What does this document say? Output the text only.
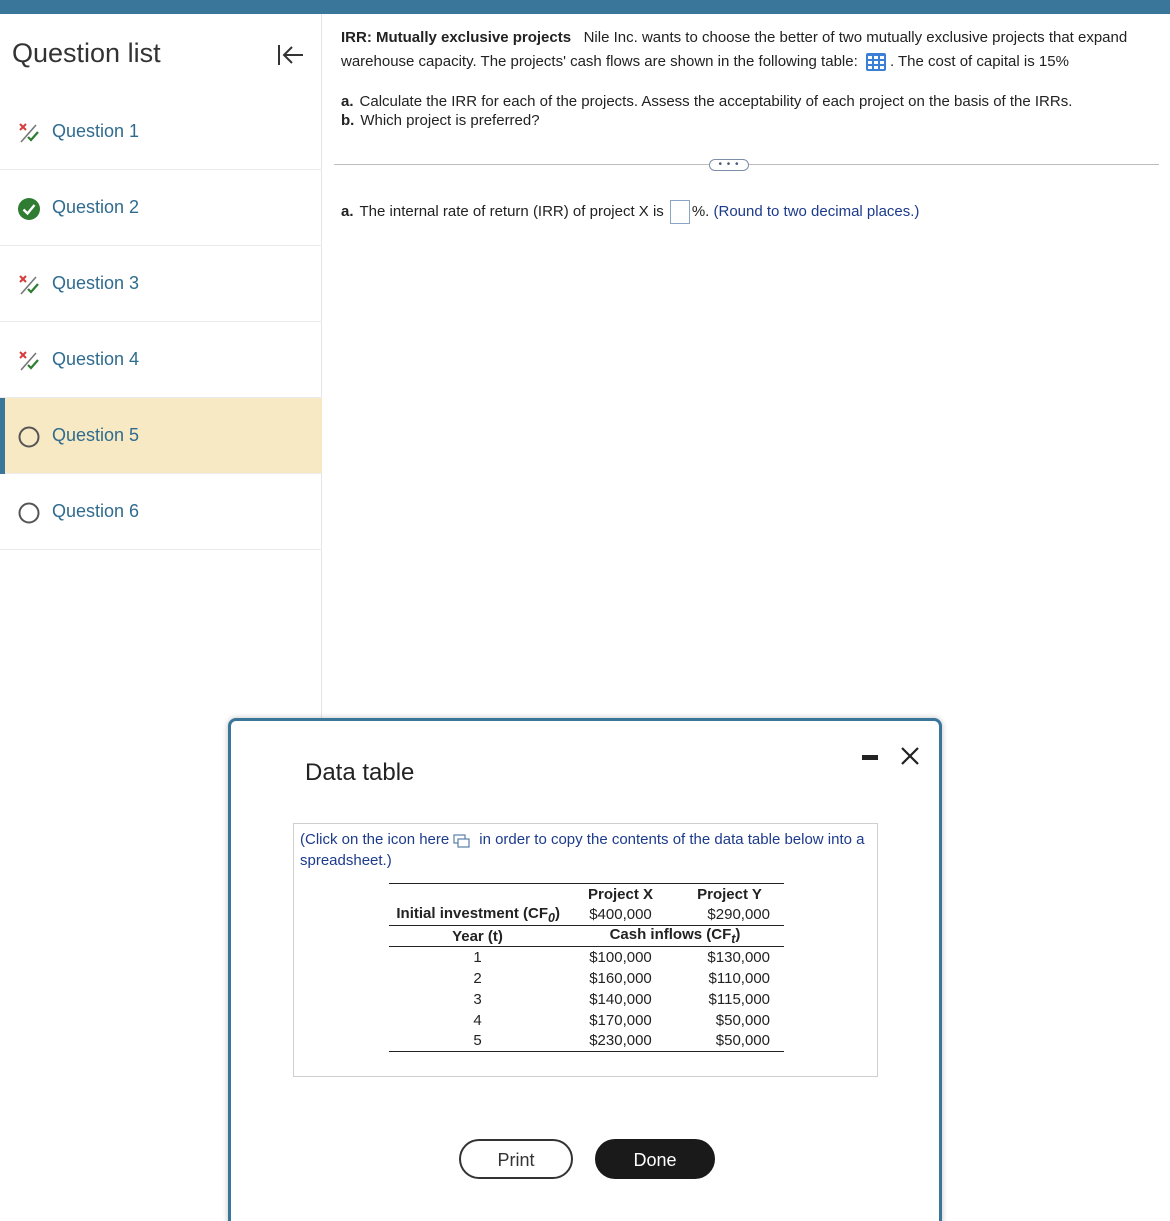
Question list
Question 1
Question 2
Question 3
Question 4
Question 5
Question 6
IRR: Mutually exclusive projects Nile Inc. wants to choose the better of two mutually exclusive projects that expand warehouse capacity. The projects' cash flows are shown in the following table: . The cost of capital is 15%
a. Calculate the IRR for each of the projects. Assess the acceptability of each project on the basis of the IRRs.
b. Which project is preferred?
• • •
a. The internal rate of return (IRR) of project X is %. (Round to two decimal places.)
Data table
(Click on the icon here in order to copy the contents of the data table below into a spreadsheet.)
	Project X	Project Y
Initial investment $(CF_0)$	$400,000	$290,000
Year (t)	Cash inflows $(CF_t)$	
1	$100,000	$130,000
2	$160,000	$110,000
3	$140,000	$115,000
4	$170,000	$50,000
5	$230,000	$50,000
Print	Done
